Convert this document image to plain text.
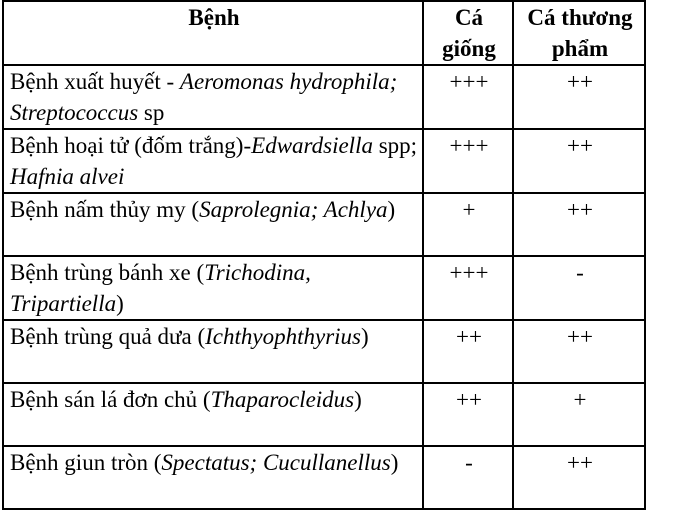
Bệnh	Cá giống	Cá thương phẩm
Bệnh xuất huyết - Aeromonas hydrophila; Streptococcus sp	+++	++
Bệnh hoại tử (đốm trắng)-Edwardsiella spp; Hafnia alvei	+++	++
Bệnh nấm thủy my (Saprolegnia; Achlya)	+	++
Bệnh trùng bánh xe (Trichodina, Tripartiella)	+++	-
Bệnh trùng quả dưa (Ichthyophthyrius)	++	++
Bệnh sán lá đơn chủ (Thaparocleidus)	++	+
Bệnh giun tròn (Spectatus; Cucullanellus)	-	++
